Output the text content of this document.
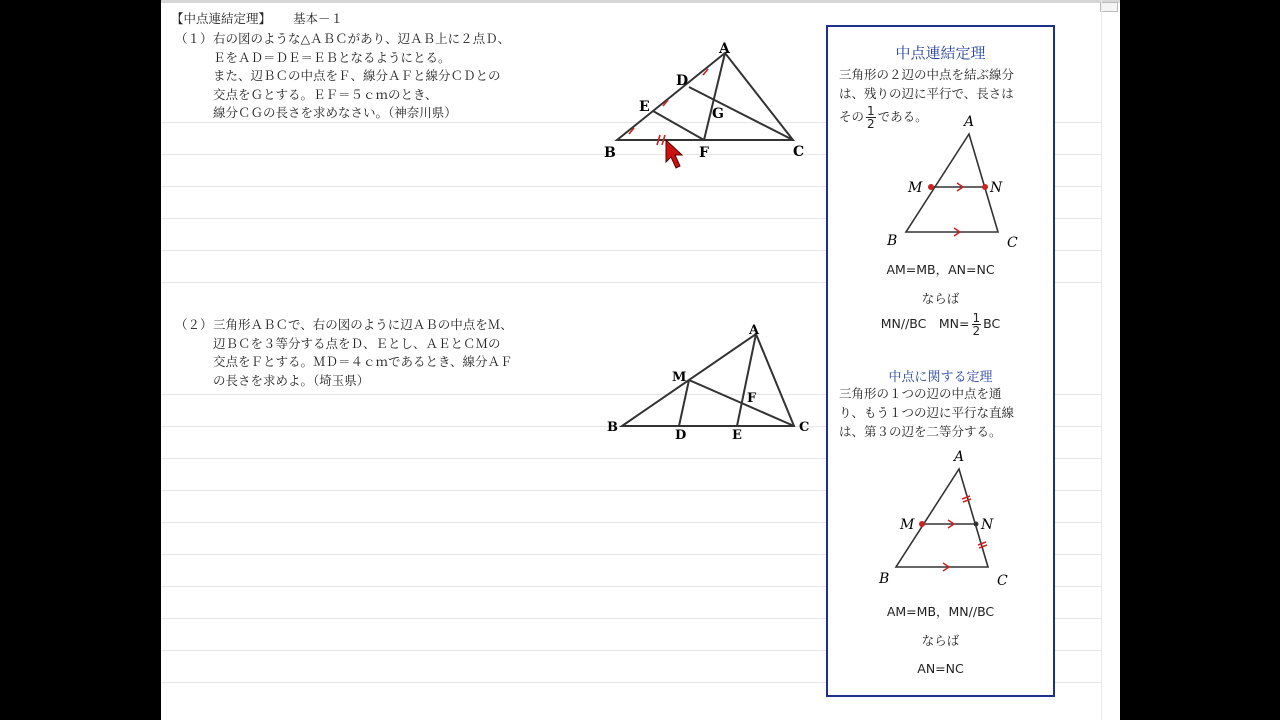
【中点連結定理】 基本－１
（１） 右の図のような△ＡＢＣがあり、辺ＡＢ上に２点Ｄ、
ＥをＡＤ＝ＤＥ＝ＥＢとなるようにとる。
また、辺ＢＣの中点をＦ、線分ＡＦと線分ＣＤとの
交点をＧとする。ＥＦ＝５ｃｍのとき、
線分ＣＧの長さを求めなさい。（神奈川県）
A
B	C
D
E
F
G
（２） 三角形ＡＢＣで、右の図のように辺ＡＢの中点をＭ、
辺ＢＣを３等分する点をＤ、Ｅとし、ＡＥとＣＭの
交点をＦとする。ＭＤ＝４ｃｍであるとき、線分ＡＦ
の長さを求めよ。（埼玉県）
A
B	C
M
D	E
F
中点連結定理
三角形の２辺の中点を結ぶ線分
は、残りの辺に平行で、長さは
その $\frac{1}{2}$ である。	A
B	C
M	N
AM=MB，AN=NC
ならば
MN//BC　$MN= \frac{1}{2}$ BC
中点に関する定理
三角形の１つの辺の中点を通
り、もう１つの辺に平行な直線
は、第３の辺を二等分する。
A
B	C
M	N
AM=MB，MN//BC
ならば
AN=NC
